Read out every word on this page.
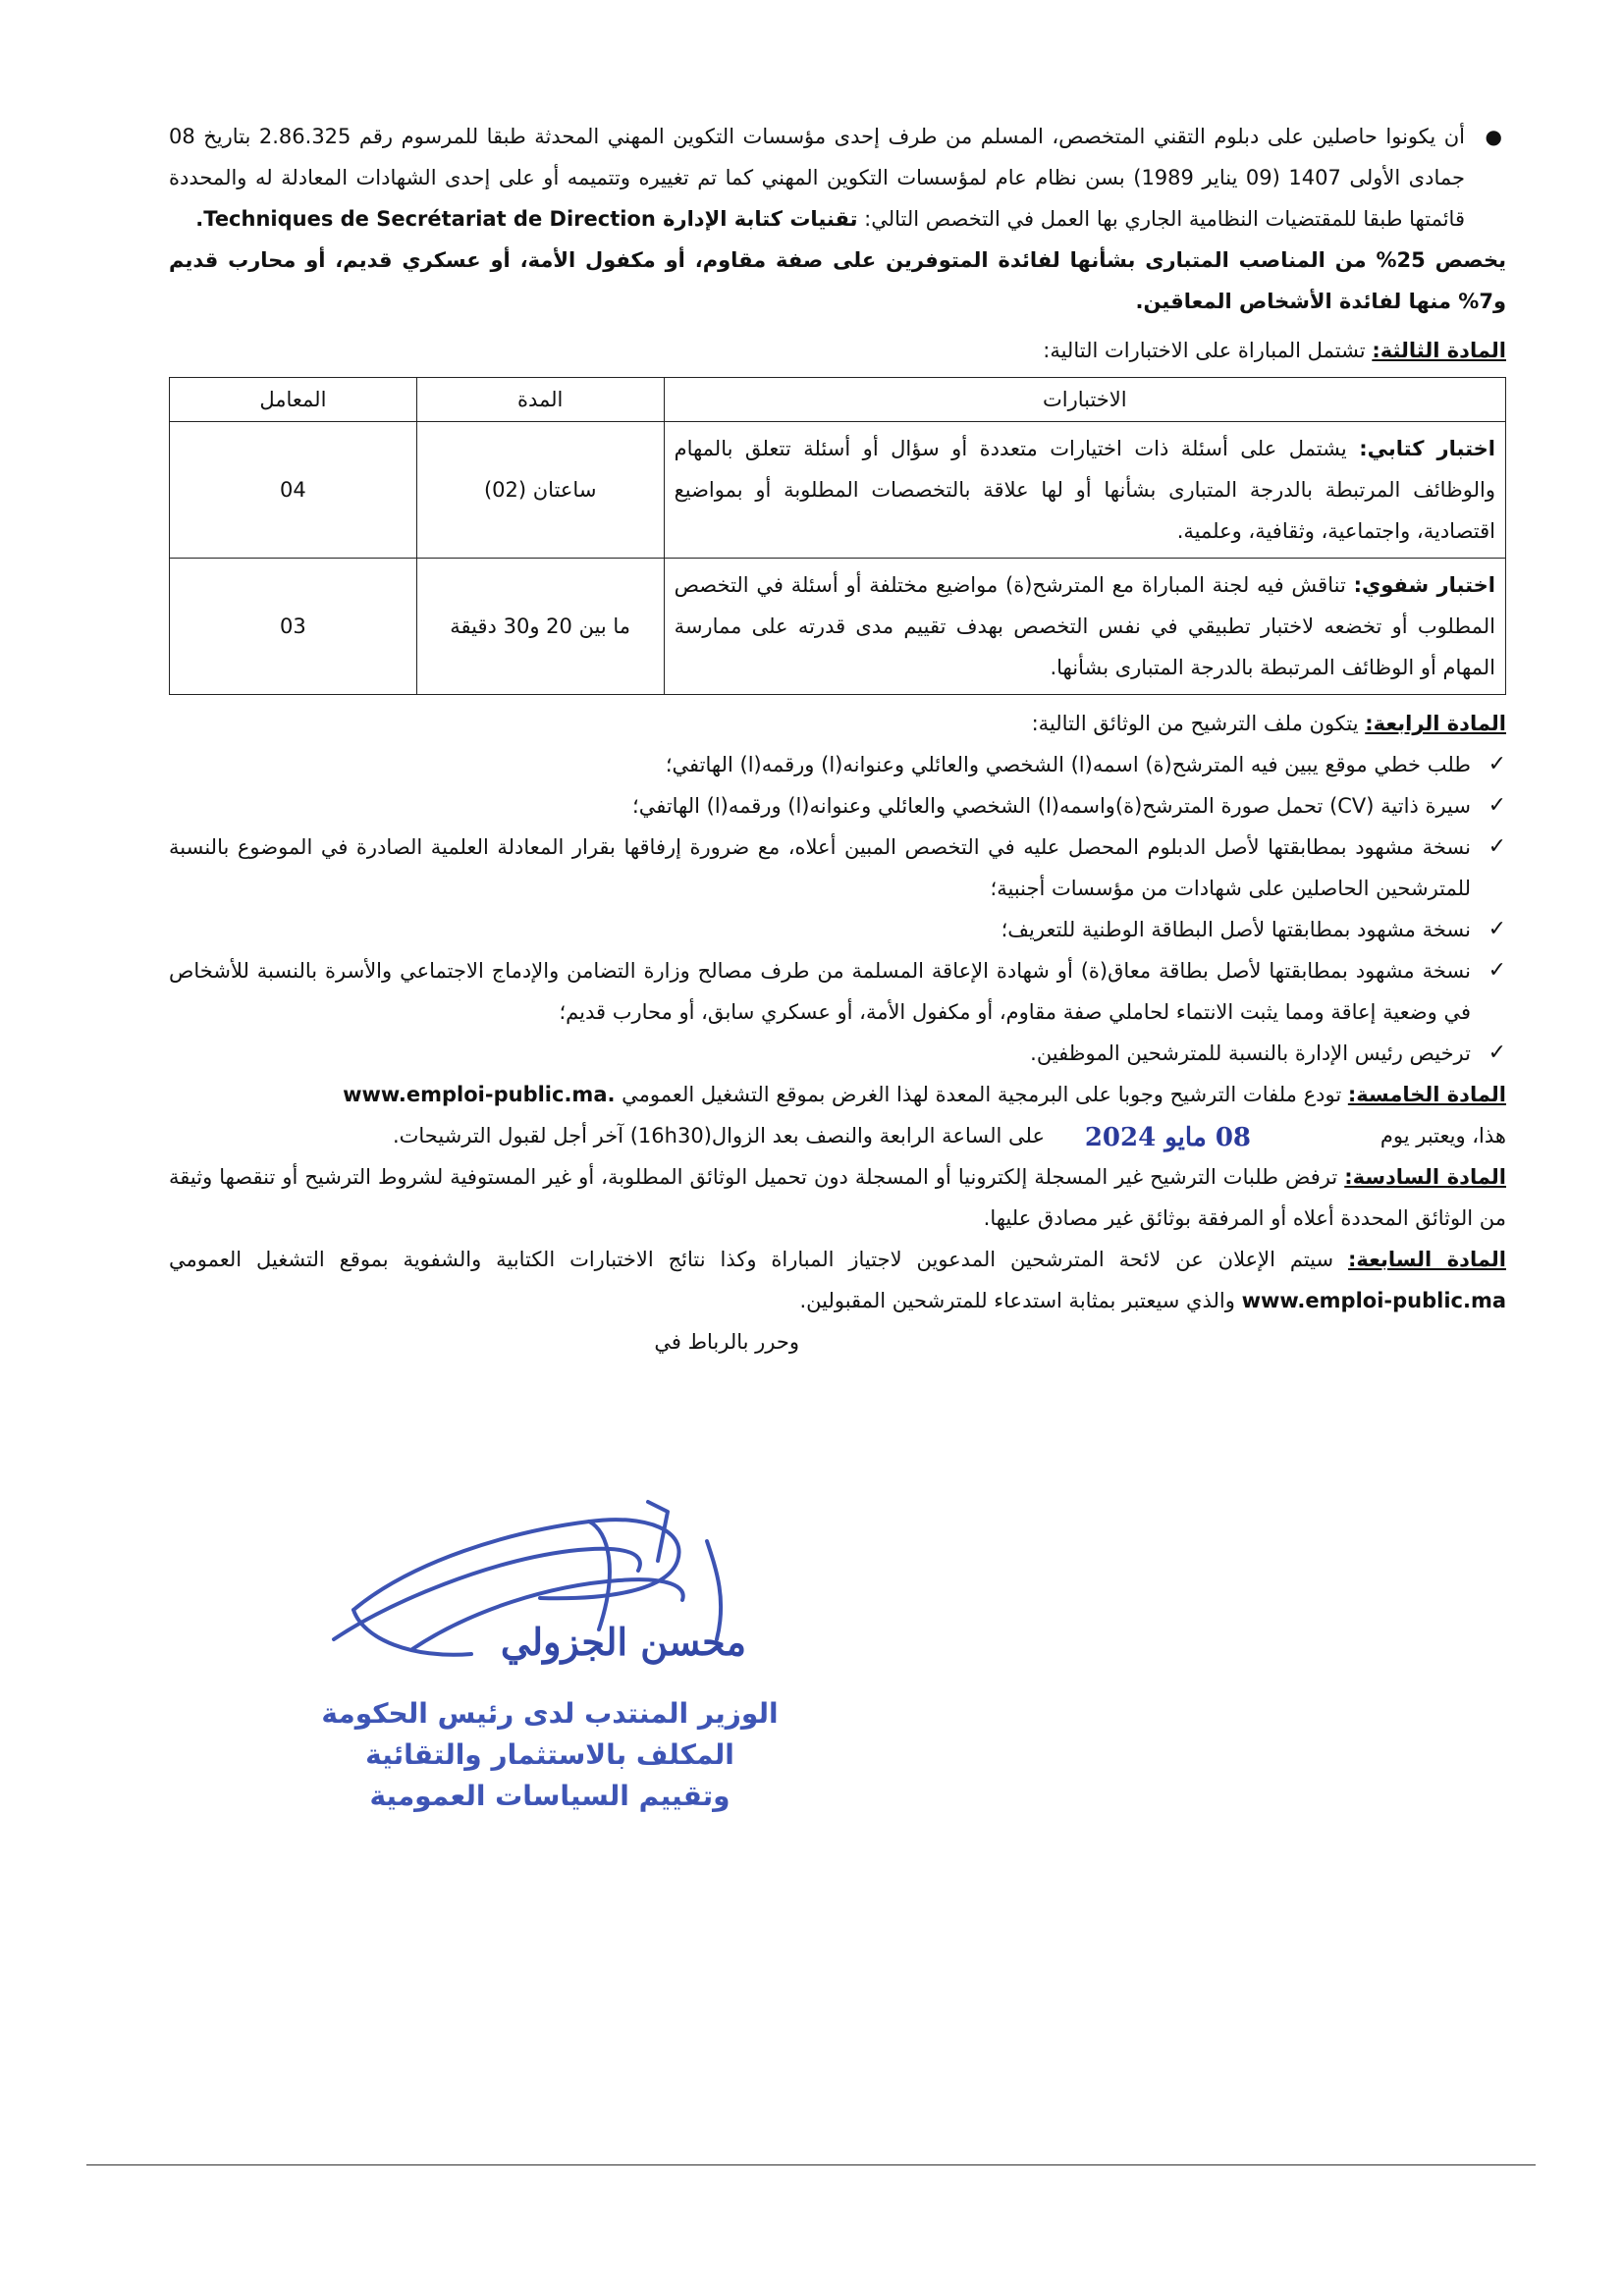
●
أن يكونوا حاصلين على دبلوم التقني المتخصص، المسلم من طرف إحدى مؤسسات التكوين المهني المحدثة طبقا للمرسوم رقم 2.86.325 بتاريخ 08 جمادى الأولى 1407 (09 يناير 1989) بسن نظام عام لمؤسسات التكوين المهني كما تم تغييره وتتميمه أو على إحدى الشهادات المعادلة له والمحددة قائمتها طبقا للمقتضيات النظامية الجاري بها العمل في التخصص التالي: تقنيات كتابة الإدارة Techniques de Secrétariat de Direction.

يخصص 25% من المناصب المتبارى بشأنها لفائدة المتوفرين على صفة مقاوم، أو مكفول الأمة، أو عسكري قديم، أو محارب قديم و7% منها لفائدة الأشخاص المعاقين.

المادة الثالثة: تشتمل المباراة على الاختبارات التالية:
الاختبارات	المدة	المعامل
اختبار كتابي: يشتمل على أسئلة ذات اختيارات متعددة أو سؤال أو أسئلة تتعلق بالمهام والوظائف المرتبطة بالدرجة المتبارى بشأنها أو لها علاقة بالتخصصات المطلوبة أو بمواضيع اقتصادية، واجتماعية، وثقافية، وعلمية.	ساعتان (02)	04
اختبار شفوي: تناقش فيه لجنة المباراة مع المترشح(ة) مواضيع مختلفة أو أسئلة في التخصص المطلوب أو تخضعه لاختبار تطبيقي في نفس التخصص بهدف تقييم مدى قدرته على ممارسة المهام أو الوظائف المرتبطة بالدرجة المتبارى بشأنها.	ما بين 20 و30 دقيقة	03
المادة الرابعة: يتكون ملف الترشيح من الوثائق التالية:
✓
طلب خطي موقع يبين فيه المترشح(ة) اسمه(ا) الشخصي والعائلي وعنوانه(ا) ورقمه(ا) الهاتفي؛
✓
سيرة ذاتية (CV) تحمل صورة المترشح(ة)واسمه(ا) الشخصي والعائلي وعنوانه(ا) ورقمه(ا) الهاتفي؛
✓
نسخة مشهود بمطابقتها لأصل الدبلوم المحصل عليه في التخصص المبين أعلاه، مع ضرورة إرفاقها بقرار المعادلة العلمية الصادرة في الموضوع بالنسبة للمترشحين الحاصلين على شهادات من مؤسسات أجنبية؛
✓
نسخة مشهود بمطابقتها لأصل البطاقة الوطنية للتعريف؛
✓
نسخة مشهود بمطابقتها لأصل بطاقة معاق(ة) أو شهادة الإعاقة المسلمة من طرف مصالح وزارة التضامن والإدماج الاجتماعي والأسرة بالنسبة للأشخاص في وضعية إعاقة ومما يثبت الانتماء لحاملي صفة مقاوم، أو مكفول الأمة، أو عسكري سابق، أو محارب قديم؛
✓
ترخيص رئيس الإدارة بالنسبة للمترشحين الموظفين.
المادة الخامسة: تودع ملفات الترشيح وجوبا على البرمجية المعدة لهذا الغرض بموقع التشغيل العمومي www.emploi-public.ma.
هذا، ويعتبر يوم
08 مايو 2024
على الساعة الرابعة والنصف بعد الزوال(16h30) آخر أجل لقبول الترشيحات.

المادة السادسة: ترفض طلبات الترشيح غير المسجلة إلكترونيا أو المسجلة دون تحميل الوثائق المطلوبة، أو غير المستوفية لشروط الترشيح أو تنقصها وثيقة من الوثائق المحددة أعلاه أو المرفقة بوثائق غير مصادق عليها.

المادة السابعة: سيتم الإعلان عن لائحة المترشحين المدعوين لاجتياز المباراة وكذا نتائج الاختبارات الكتابية والشفوية بموقع التشغيل العمومي www.emploi-public.ma والذي سيعتبر بمثابة استدعاء للمترشحين المقبولين.

وحرر بالرباط في

محسن الجزولي
الوزير المنتدب لدى رئيس الحكومة
المكلف بالاستثمار والتقائية
وتقييم السياسات العمومية
